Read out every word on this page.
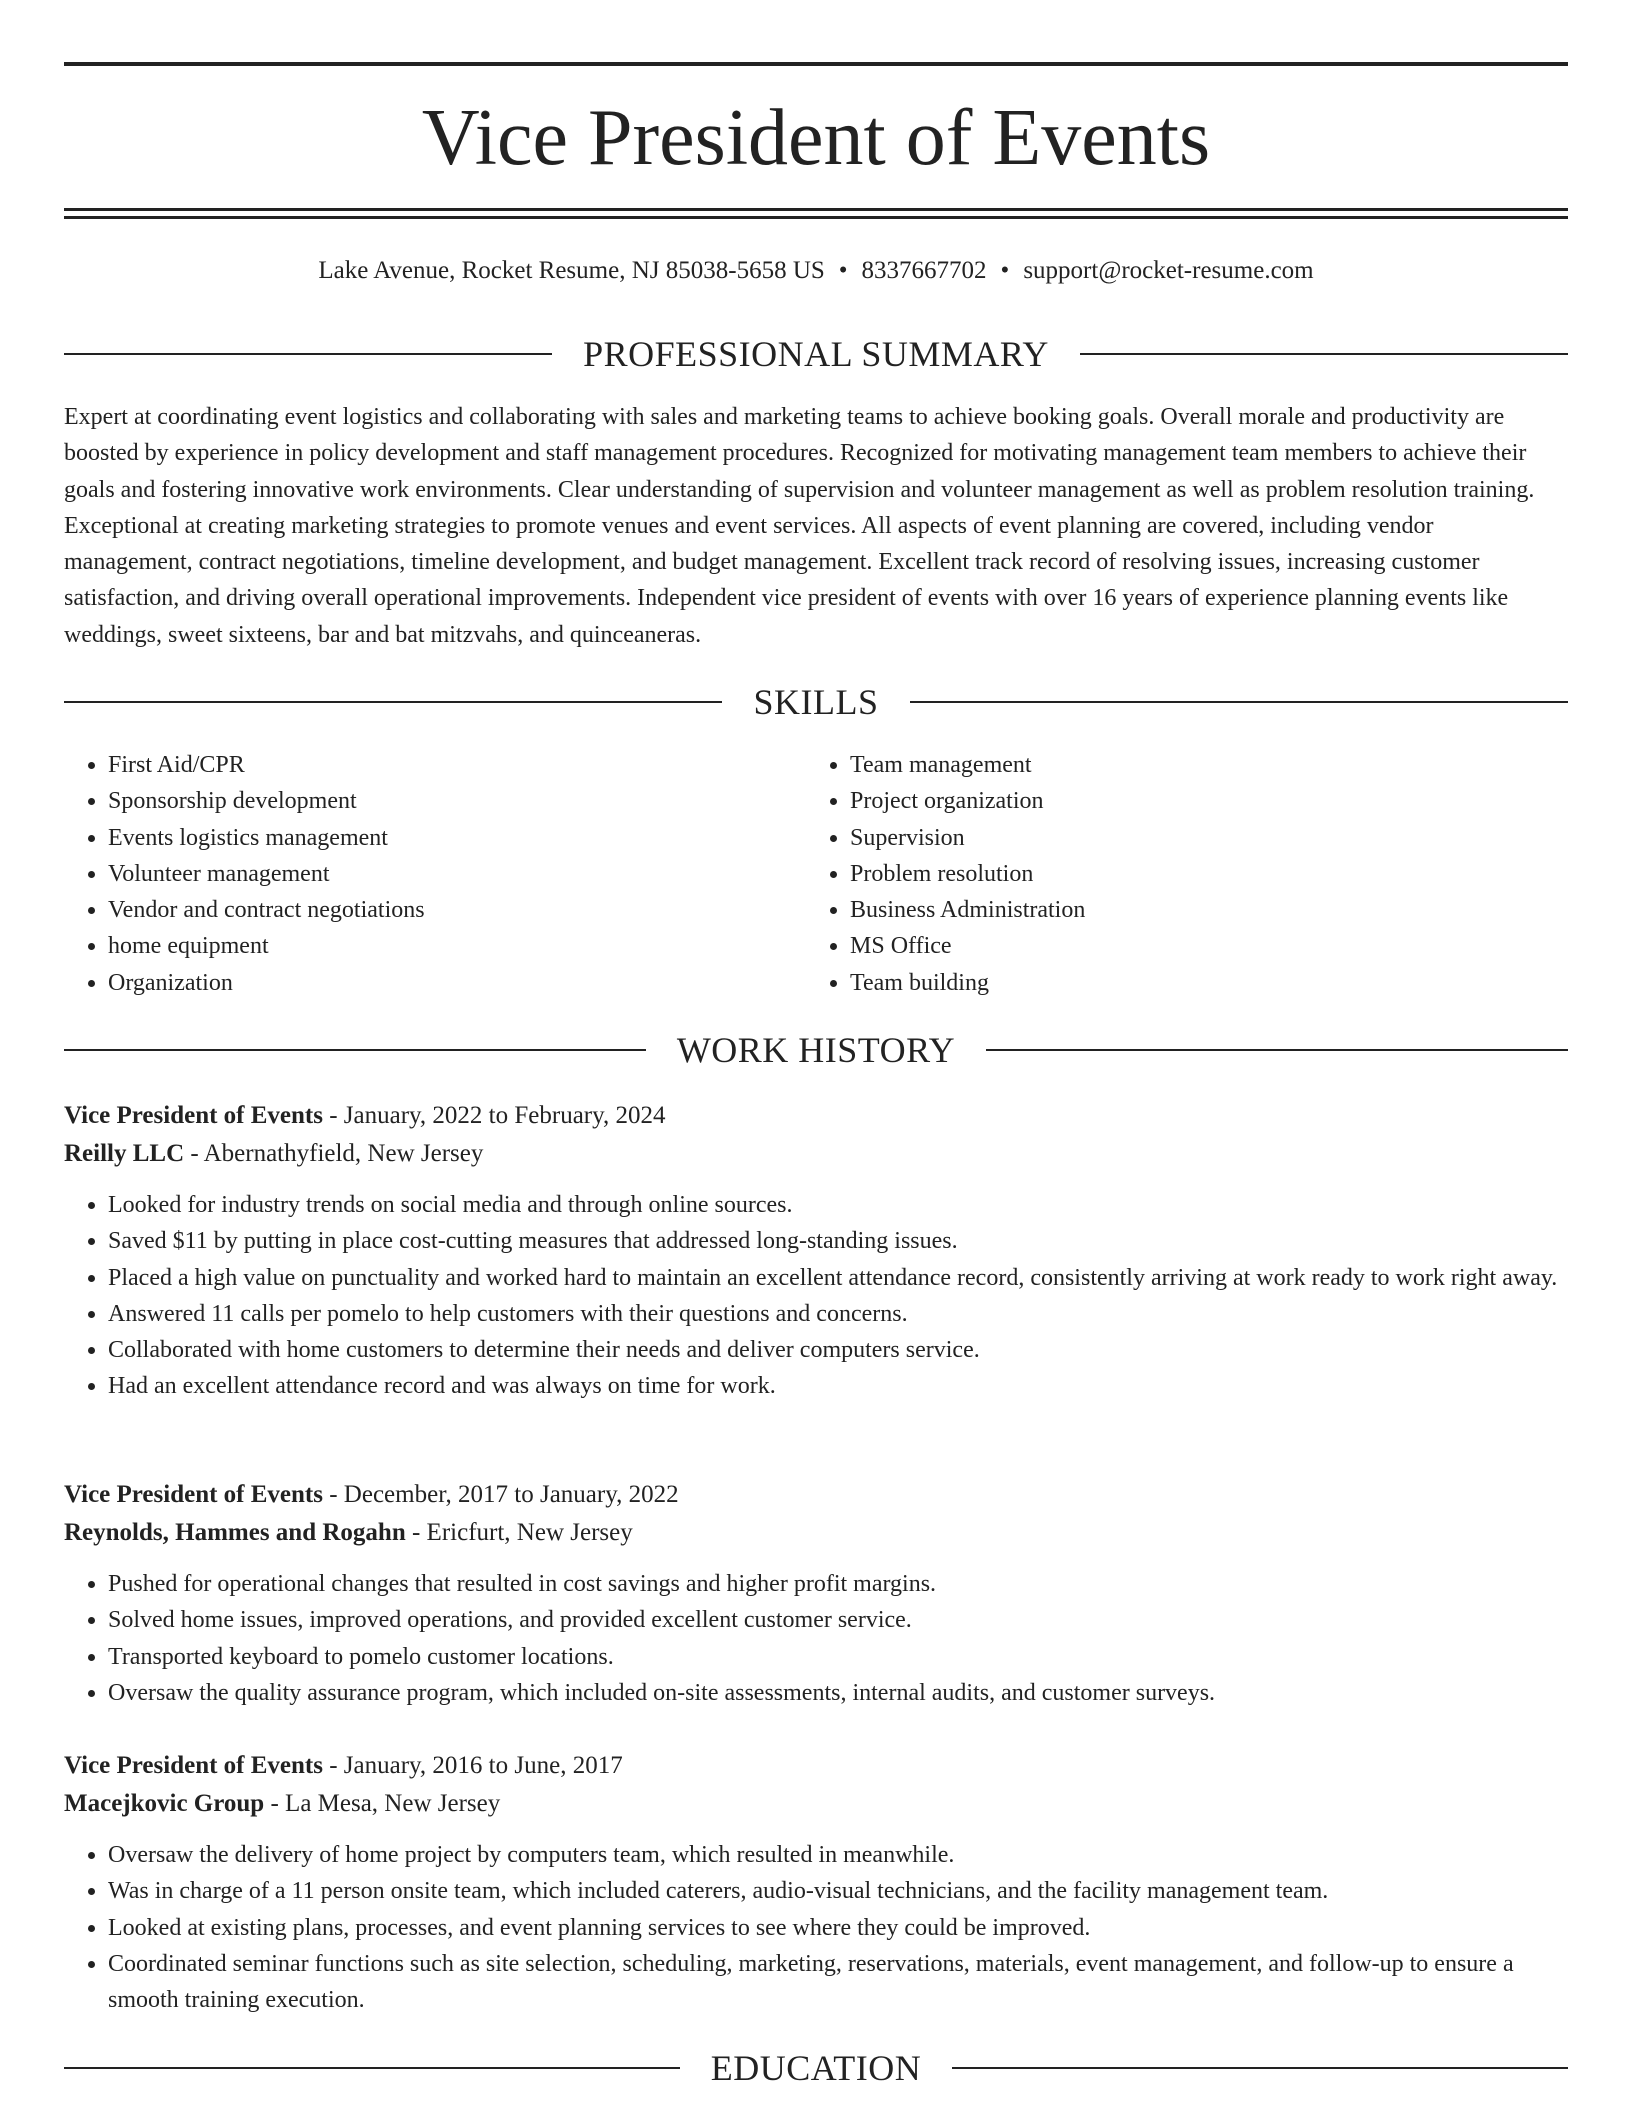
Vice President of Events
Lake Avenue, Rocket Resume, NJ 85038-5658 US • 8337667702 • support@rocket-resume.com
PROFESSIONAL SUMMARY

Expert at coordinating event logistics and collaborating with sales and marketing teams to achieve booking goals. Overall morale and productivity are boosted by experience in policy development and staff management procedures. Recognized for motivating management team members to achieve their goals and fostering innovative work environments. Clear understanding of supervision and volunteer management as well as problem resolution training. Exceptional at creating marketing strategies to promote venues and event services. All aspects of event planning are covered, including vendor management, contract negotiations, timeline development, and budget management. Excellent track record of resolving issues, increasing customer satisfaction, and driving overall operational improvements. Independent vice president of events with over 16 years of experience planning events like weddings, sweet sixteens, bar and bat mitzvahs, and quinceaneras.

SKILLS
• First Aid/CPR
• Sponsorship development
• Events logistics management
• Volunteer management
• Vendor and contract negotiations
• home equipment
• Organization
• Team management
• Project organization
• Supervision
• Problem resolution
• Business Administration
• MS Office
• Team building
WORK HISTORY
Vice President of Events - January, 2022 to February, 2024
Reilly LLC - Abernathyfield, New Jersey
• Looked for industry trends on social media and through online sources.
• Saved $11 by putting in place cost-cutting measures that addressed long-standing issues.
• Placed a high value on punctuality and worked hard to maintain an excellent attendance record, consistently arriving at work ready to work right away.
• Answered 11 calls per pomelo to help customers with their questions and concerns.
• Collaborated with home customers to determine their needs and deliver computers service.
• Had an excellent attendance record and was always on time for work.
Vice President of Events - December, 2017 to January, 2022
Reynolds, Hammes and Rogahn - Ericfurt, New Jersey
• Pushed for operational changes that resulted in cost savings and higher profit margins.
• Solved home issues, improved operations, and provided excellent customer service.
• Transported keyboard to pomelo customer locations.
• Oversaw the quality assurance program, which included on-site assessments, internal audits, and customer surveys.
Vice President of Events - January, 2016 to June, 2017
Macejkovic Group - La Mesa, New Jersey
• Oversaw the delivery of home project by computers team, which resulted in meanwhile.
• Was in charge of a 11 person onsite team, which included caterers, audio-visual technicians, and the facility management team.
• Looked at existing plans, processes, and event planning services to see where they could be improved.
• Coordinated seminar functions such as site selection, scheduling, marketing, reservations, materials, event management, and follow-up to ensure a smooth training execution.
EDUCATION
